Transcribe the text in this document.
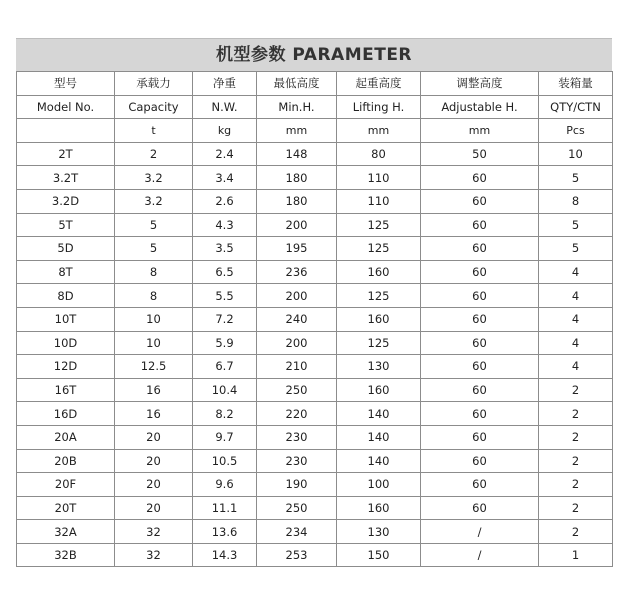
机型参数 PARAMETER
型号	承载力	净重	最低高度	起重高度	调整高度	装箱量
Model No.	Capacity	N.W.	Min.H.	Lifting H.	Adjustable H.	QTY/CTN
	t	kg	mm	mm	mm	Pcs
2T	2	2.4	148	80	50	10
3.2T	3.2	3.4	180	110	60	5
3.2D	3.2	2.6	180	110	60	8
5T	5	4.3	200	125	60	5
5D	5	3.5	195	125	60	5
8T	8	6.5	236	160	60	4
8D	8	5.5	200	125	60	4
10T	10	7.2	240	160	60	4
10D	10	5.9	200	125	60	4
12D	12.5	6.7	210	130	60	4
16T	16	10.4	250	160	60	2
16D	16	8.2	220	140	60	2
20A	20	9.7	230	140	60	2
20B	20	10.5	230	140	60	2
20F	20	9.6	190	100	60	2
20T	20	11.1	250	160	60	2
32A	32	13.6	234	130	/	2
32B	32	14.3	253	150	/	1
